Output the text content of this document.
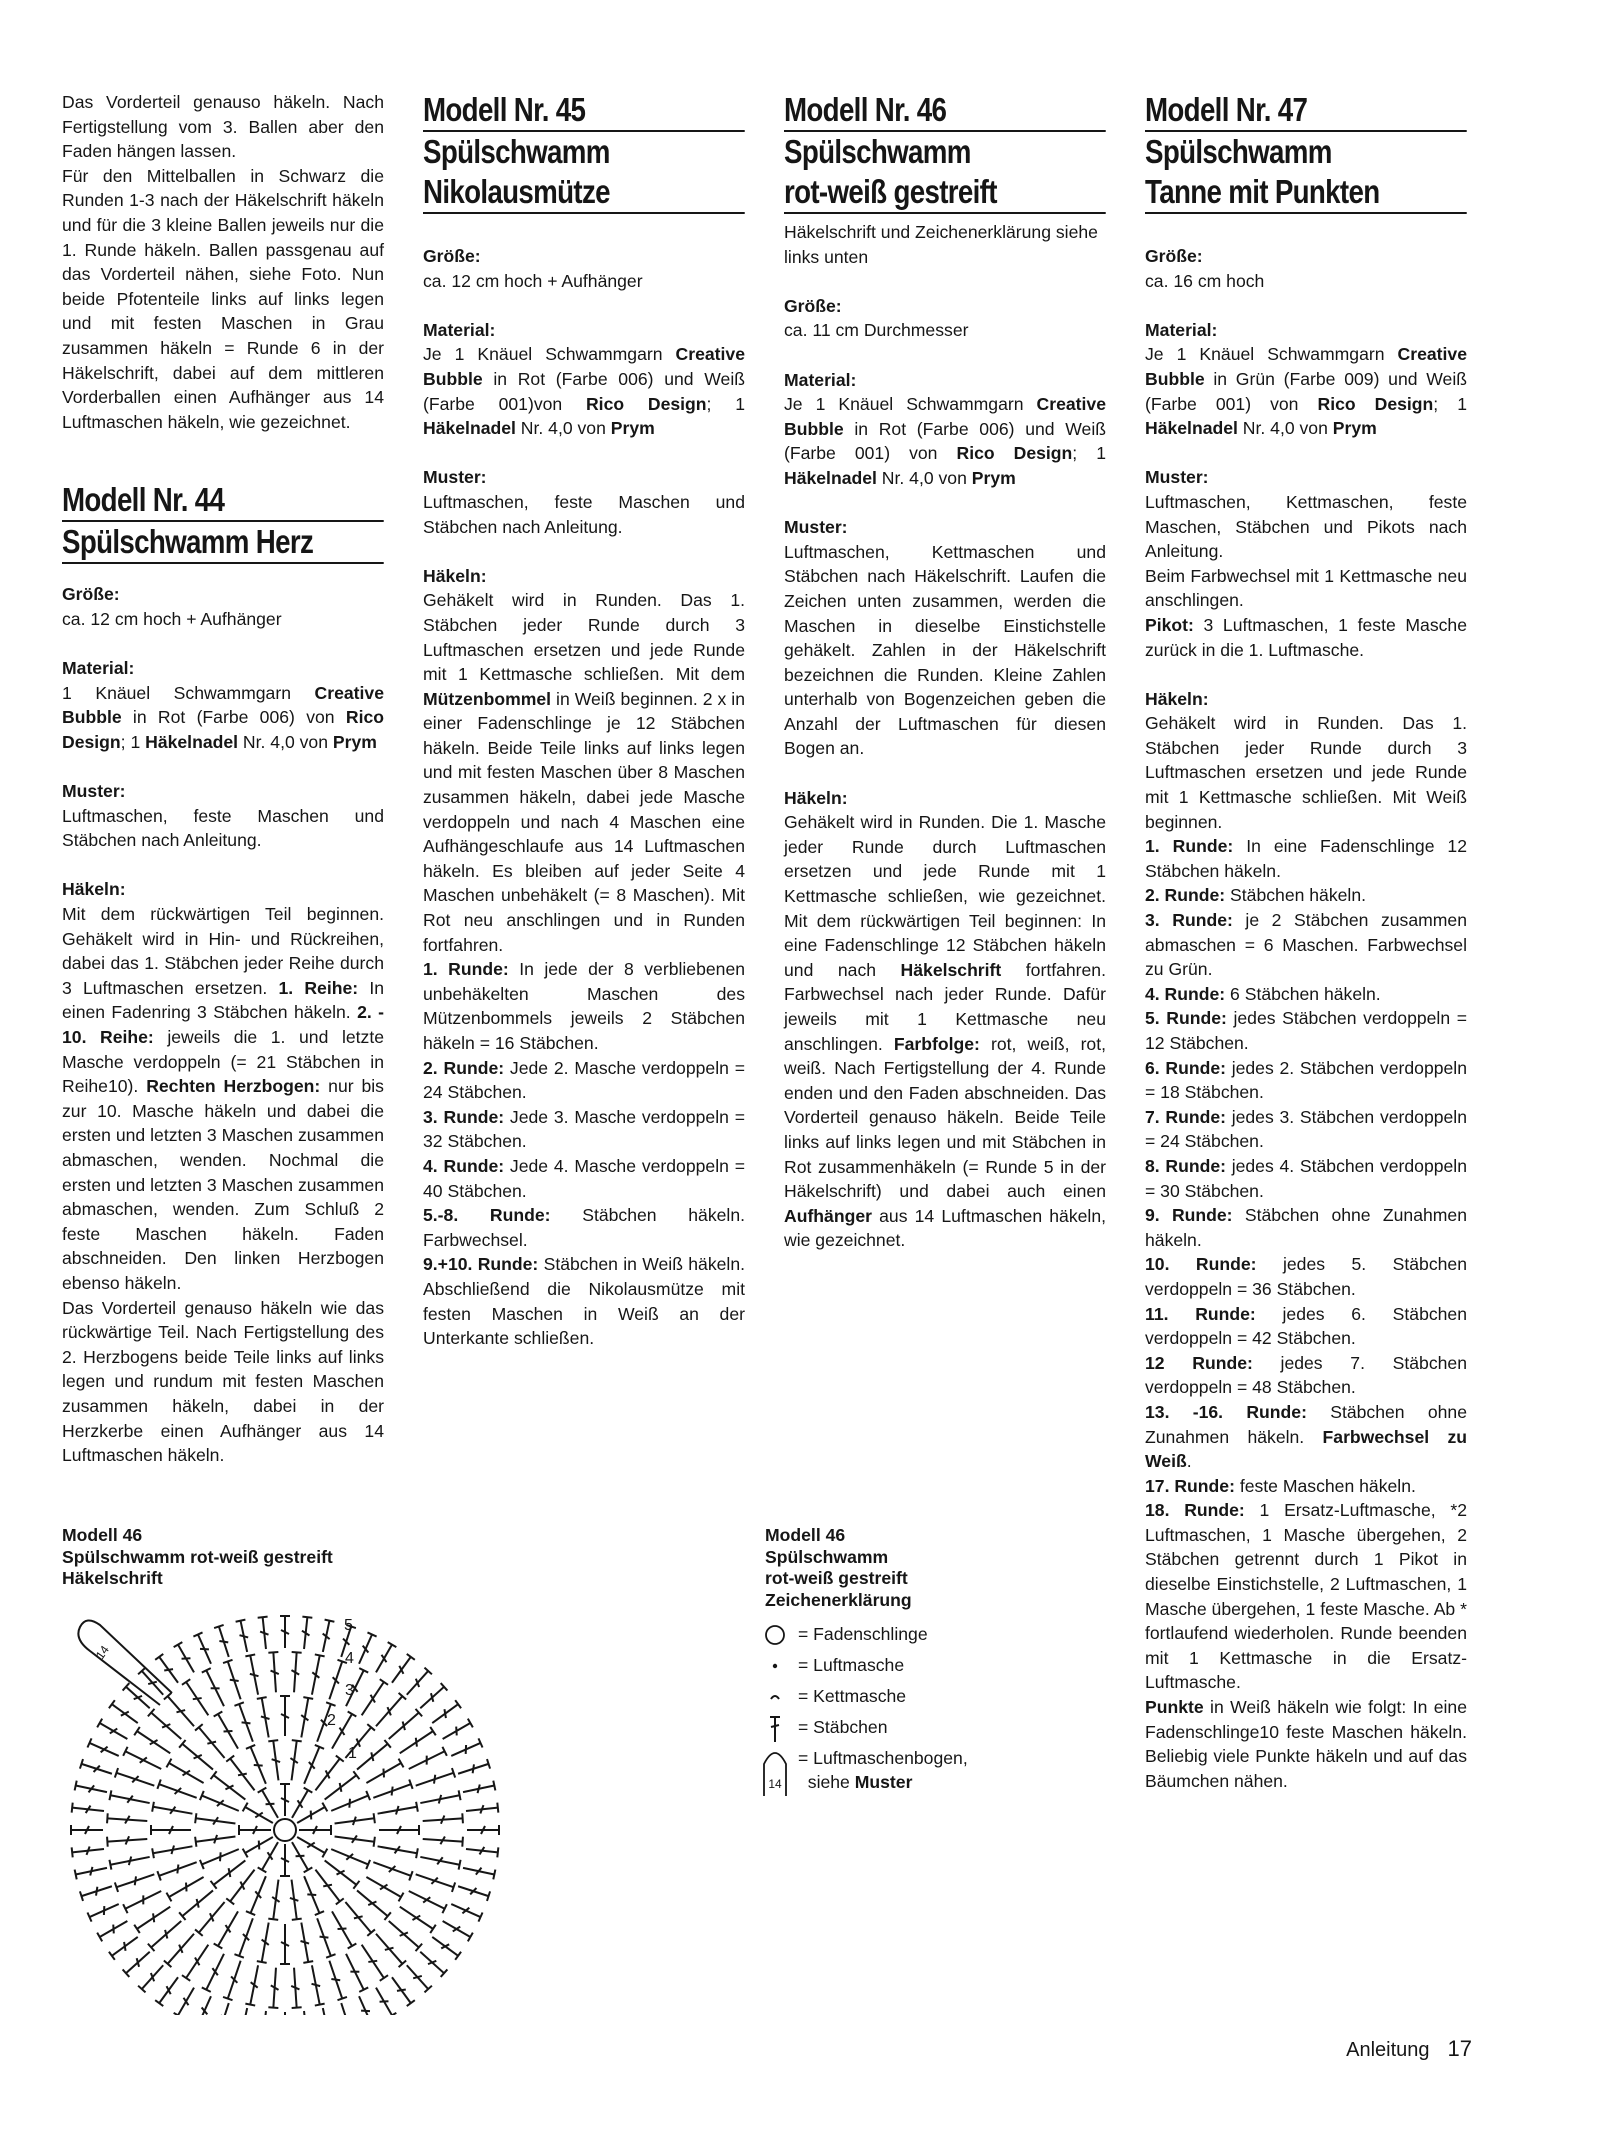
Das Vorderteil genauso häkeln. Nach Fertigstellung vom 3. Ballen aber den Faden hängen lassen.

Für den Mittelballen in Schwarz die Runden 1-3 nach der Häkelschrift häkeln und für die 3 kleine Ballen jeweils nur die 1. Runde häkeln. Ballen passgenau auf das Vorderteil nähen, siehe Foto. Nun beide Pfotenteile links auf links legen und mit festen Maschen in Grau zusammen häkeln = Runde 6 in der Häkelschrift, dabei auf dem mittleren Vorderballen einen Aufhänger aus 14 Luftmaschen häkeln, wie gezeichnet.

Modell Nr. 44
Spülschwamm Herz

Größe:

ca. 12 cm hoch + Aufhänger

Material:

1 Knäuel Schwammgarn Creative Bubble in Rot (Farbe 006) von Rico Design; 1 Häkelnadel Nr. 4,0 von Prym

Muster:

Luftmaschen, feste Maschen und Stäbchen nach Anleitung.

Häkeln:

Mit dem rückwärtigen Teil beginnen. Gehäkelt wird in Hin- und Rückreihen, dabei das 1. Stäbchen jeder Reihe durch 3 Luftmaschen ersetzen. 1. Reihe: In einen Fadenring 3 Stäbchen häkeln. 2. - 10. Reihe: jeweils die 1. und letzte Masche verdoppeln (= 21 Stäbchen in Reihe10). Rechten Herzbogen: nur bis zur 10. Masche häkeln und dabei die ersten und letzten 3 Maschen zusammen abmaschen, wenden. Nochmal die ersten und letzten 3 Maschen zusammen abmaschen, wenden. Zum Schluß 2 feste Maschen häkeln. Faden abschneiden. Den linken Herzbogen ebenso häkeln.

Das Vorderteil genauso häkeln wie das rückwärtige Teil. Nach Fertigstellung des 2. Herzbogens beide Teile links auf links legen und rundum mit festen Maschen zusammen häkeln, dabei in der Herzkerbe einen Aufhänger aus 14 Luftmaschen häkeln.

Modell Nr. 45
Spülschwamm
Nikolausmütze

Größe:

ca. 12 cm hoch + Aufhänger

Material:

Je 1 Knäuel Schwammgarn Creative Bubble in Rot (Farbe 006) und Weiß (Farbe 001)von Rico Design; 1 Häkelnadel Nr. 4,0 von Prym

Muster:

Luftmaschen, feste Maschen und Stäbchen nach Anleitung.

Häkeln:

Gehäkelt wird in Runden. Das 1. Stäbchen jeder Runde durch 3 Luftmaschen ersetzen und jede Runde mit 1 Kettmasche schließen. Mit dem Mützenbommel in Weiß beginnen. 2 x in einer Fadenschlinge je 12 Stäbchen häkeln. Beide Teile links auf links legen und mit festen Maschen über 8 Maschen zusammen häkeln, dabei jede Masche verdoppeln und nach 4 Maschen eine Aufhängeschlaufe aus 14 Luftmaschen häkeln. Es bleiben auf jeder Seite 4 Maschen unbehäkelt (= 8 Maschen). Mit Rot neu anschlingen und in Runden fortfahren.

1. Runde: In jede der 8 verbliebenen unbehäkelten Maschen des Mützenbommels jeweils 2 Stäbchen häkeln = 16 Stäbchen.

2. Runde: Jede 2. Masche verdoppeln = 24 Stäbchen.

3. Runde: Jede 3. Masche verdoppeln = 32 Stäbchen.

4. Runde: Jede 4. Masche verdoppeln = 40 Stäbchen.

5.-8. Runde: Stäbchen häkeln. Farbwechsel.

9.+10. Runde: Stäbchen in Weiß häkeln. Abschließend die Nikolausmütze mit festen Maschen in Weiß an der Unterkante schließen.

Modell Nr. 46
Spülschwamm
rot-weiß gestreift

Häkelschrift und Zeichenerklärung siehe links unten

Größe:

ca. 11 cm Durchmesser

Material:

Je 1 Knäuel Schwammgarn Creative Bubble in Rot (Farbe 006) und Weiß (Farbe 001) von Rico Design; 1 Häkelnadel Nr. 4,0 von Prym

Muster:

Luftmaschen, Kettmaschen und Stäbchen nach Häkelschrift. Laufen die Zeichen unten zusammen, werden die Maschen in dieselbe Einstichstelle gehäkelt. Zahlen in der Häkelschrift bezeichnen die Runden. Kleine Zahlen unterhalb von Bogenzeichen geben die Anzahl der Luftmaschen für diesen Bogen an.

Häkeln:

Gehäkelt wird in Runden. Die 1. Masche jeder Runde durch Luftmaschen ersetzen und jede Runde mit 1 Kettmasche schließen, wie gezeichnet. Mit dem rückwärtigen Teil beginnen: In eine Fadenschlinge 12 Stäbchen häkeln und nach Häkelschrift fortfahren. Farbwechsel nach jeder Runde. Dafür jeweils mit 1 Kettmasche neu anschlingen. Farbfolge: rot, weiß, rot, weiß. Nach Fertigstellung der 4. Runde enden und den Faden abschneiden. Das Vorderteil genauso häkeln. Beide Teile links auf links legen und mit Stäbchen in Rot zusammenhäkeln (= Runde 5 in der Häkelschrift) und dabei auch einen Aufhänger aus 14 Luftmaschen häkeln, wie gezeichnet.

Modell Nr. 47
Spülschwamm
Tanne mit Punkten

Größe:

ca. 16 cm hoch

Material:

Je 1 Knäuel Schwammgarn Creative Bubble in Grün (Farbe 009) und Weiß (Farbe 001) von Rico Design; 1 Häkelnadel Nr. 4,0 von Prym

Muster:

Luftmaschen, Kettmaschen, feste Maschen, Stäbchen und Pikots nach Anleitung.

Beim Farbwechsel mit 1 Kettmasche neu anschlingen.

Pikot: 3 Luftmaschen, 1 feste Masche zurück in die 1. Luftmasche.

Häkeln:

Gehäkelt wird in Runden. Das 1. Stäbchen jeder Runde durch 3 Luftmaschen ersetzen und jede Runde mit 1 Kettmasche schließen. Mit Weiß beginnen.

1. Runde: In eine Fadenschlinge 12 Stäbchen häkeln.

2. Runde: Stäbchen häkeln.

3. Runde: je 2 Stäbchen zusammen abmaschen = 6 Maschen. Farbwechsel zu Grün.

4. Runde: 6 Stäbchen häkeln.

5. Runde: jedes Stäbchen verdoppeln = 12 Stäbchen.

6. Runde: jedes 2. Stäbchen verdoppeln = 18 Stäbchen.

7. Runde: jedes 3. Stäbchen verdoppeln = 24 Stäbchen.

8. Runde: jedes 4. Stäbchen verdoppeln = 30 Stäbchen.

9. Runde: Stäbchen ohne Zunahmen häkeln.

10. Runde: jedes 5. Stäbchen verdoppeln = 36 Stäbchen.

11. Runde: jedes 6. Stäbchen verdoppeln = 42 Stäbchen.

12 Runde: jedes 7. Stäbchen verdoppeln = 48 Stäbchen.

13. -16. Runde: Stäbchen ohne Zunahmen häkeln. Farbwechsel zu Weiß.

17. Runde: feste Maschen häkeln.

18. Runde: 1 Ersatz-Luftmasche, *2 Luftmaschen, 1 Masche übergehen, 2 Stäbchen getrennt durch 1 Pikot in dieselbe Einstichstelle, 2 Luftmaschen, 1 Masche übergehen, 1 feste Masche. Ab * fortlaufend wiederholen. Runde beenden mit 1 Kettmasche in die Ersatz-Luftmasche.

Punkte in Weiß häkeln wie folgt: In eine Fadenschlinge10 feste Maschen häkeln. Beliebig viele Punkte häkeln und auf das Bäumchen nähen.

Modell 46
Spülschwamm rot-weiß gestreift
Häkelschrift
5
4
3
2
1
14
Modell 46
Spülschwamm
rot-weiß gestreift
Zeichenerklärung
= Fadenschlinge
= Luftmasche
= Kettmasche
= Stäbchen
14
= Luftmaschenbogen,
siehe Muster
Anleitung 17
